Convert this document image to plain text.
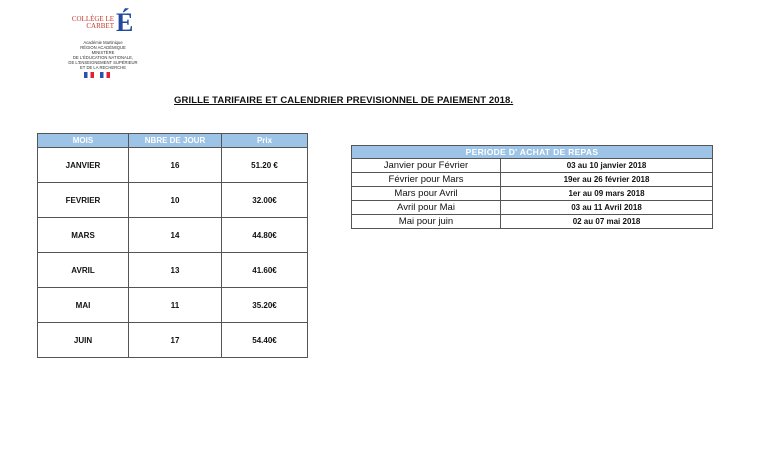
COLLÈGE LE CARBET É
Académie Martinique
RÉGION ACADÉMIQUE
MINISTÈRE
DE L'ÉDUCATION NATIONALE,
DE L'ENSEIGNEMENT SUPÉRIEUR
ET DE LA RECHERCHE
GRILLE TARIFAIRE ET CALENDRIER PREVISIONNEL DE PAIEMENT 2018.
MOIS	NBRE DE JOUR	Prix
JANVIER	16	51.20 €
FEVRIER	10	32.00€
MARS	14	44.80€
AVRIL	13	41.60€
MAI	11	35.20€
JUIN	17	54.40€
PERIODE D' ACHAT DE REPAS	
Janvier pour Février	03 au 10 janvier 2018
Février pour Mars	19er au 26 février 2018
Mars pour Avril	1er au 09 mars 2018
Avril pour Mai	03 au 11 Avril 2018
Mai pour juin	02 au 07 mai 2018
